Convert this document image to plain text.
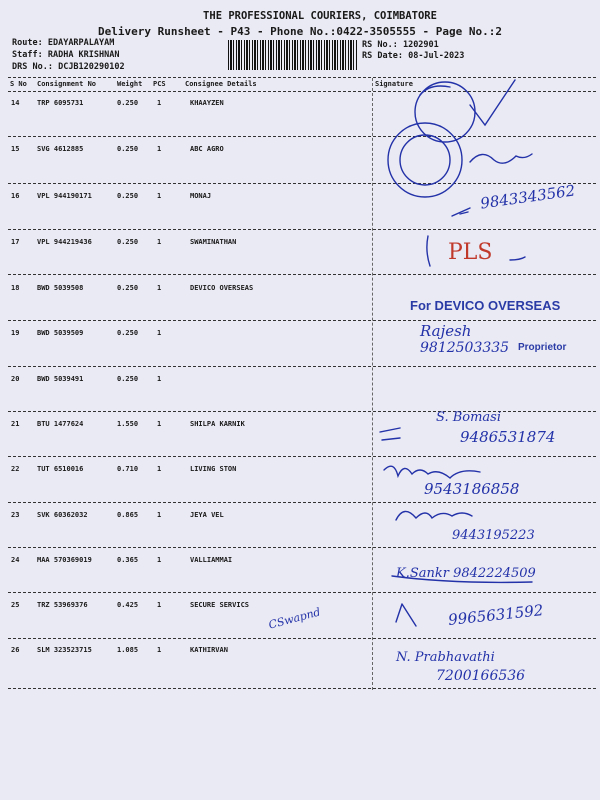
THE PROFESSIONAL COURIERS, COIMBATORE
Delivery Runsheet - P43 - Phone No.:0422-3505555 - Page No.:2
Route: EDAYARPALAYAM
Staff: RADHA KRISHNAN
DRS No.: DCJB120290102
RS No.: 1202901
RS Date: 08-Jul-2023
S No Consignment No	Weight PCS	Consignee Details	Signature
14	TRP 6095731	0.250	1	KHAAYZEN
15	SVG 4612885	0.250	1	ABC AGRO
16	VPL 944190171	0.250	1	MONAJ
17	VPL 944219436	0.250	1	SWAMINATHAN
18	BWD 5039508	0.250	1	DEVICO OVERSEAS
19	BWD 5039509	0.250	1
20	BWD 5039491	0.250	1
21	BTU 1477624	1.550	1	SHILPA KARNIK
22	TUT 6510016	0.710	1	LIVING STON
23	SVK 60362032	0.865	1	JEYA VEL
24	MAA 570369019	0.365	1	VALLIAMMAI
25	TRZ 53969376	0.425	1	SECURE SERVICS
26	SLM 323523715	1.085	1	KATHIRVAN
9843343562
PLS
For DEVICO OVERSEAS
Rajesh
9812503335 Proprietor
S. Bomasi
9486531874
9543186858
9443195223
K.Sankr 9842224509
CSwapnd	9965631592
N. Prabhavathi
7200166536
